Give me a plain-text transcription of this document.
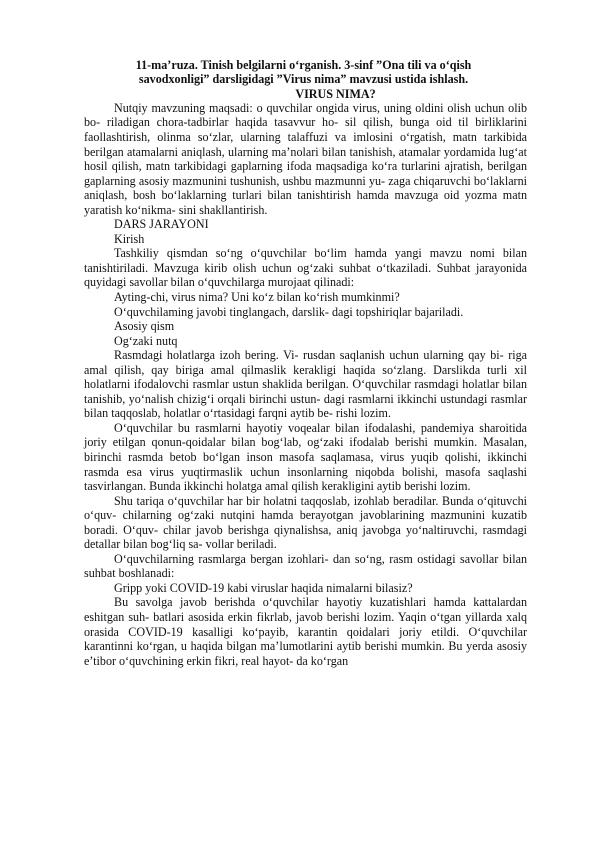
11-ma’ruza. Tinish belgilarni o‘rganish. 3-sinf ”Ona tili va o‘qish savodxonligi” darsligidagi ”Virus nima” mavzusi ustida ishlash.
VIRUS NIMA?
Nutqiy mavzuning maqsadi: o quvchilar ongida virus, uning oldini olish uchun olib bo- riladigan chora-tadbirlar haqida tasavvur ho- sil qilish, bunga oid til birliklarini faollashtirish, olinma so‘zlar, ularning talaffuzi va imlosini o‘rgatish, matn tarkibida berilgan atamalarni aniqlash, ularning ma’nolari bilan tanishish, atamalar yordamida lug‘at hosil qilish, matn tarkibidagi gaplarning ifoda maqsadiga ko‘ra turlarini ajratish, berilgan gaplarning asosiy mazmunini tushunish, ushbu mazmunni yu- zaga chiqaruvchi bo‘laklarni aniqlash, bosh bo‘laklarning turlari bilan tanishtirish hamda mavzuga oid yozma matn yaratish ko‘nikma- sini shakllantirish.
DARS JARAYONI
Kirish
Tashkiliy qismdan so‘ng o‘quvchilar bo‘lim hamda yangi mavzu nomi bilan tanishtiriladi. Mavzuga kirib olish uchun og‘zaki suhbat o‘tkaziladi. Suhbat jarayonida quyidagi savollar bilan o‘quvchilarga murojaat qilinadi:
Ayting-chi, virus nima? Uni ko‘z bilan ko‘rish mumkinmi?
O‘quvchilaming javobi tinglangach, darslik- dagi topshiriqlar bajariladi.
Asosiy qism
Og‘zaki nutq
Rasmdagi holatlarga izoh bering. Vi- rusdan saqlanish uchun ularning qay bi- riga amal qilish, qay biriga amal qilmaslik kerakligi haqida so‘zlang. Darslikda turli xil holatlarni ifodalovchi rasmlar ustun shaklida berilgan. O‘quvchilar rasmdagi holatlar bilan tanishib, yo‘nalish chizig‘i orqali birinchi ustun- dagi rasmlarni ikkinchi ustundagi rasmlar bilan taqqoslab, holatlar o‘rtasidagi farqni aytib be- rishi lozim.
O‘quvchilar bu rasmlarni hayotiy voqealar bilan ifodalashi, pandemiya sharoitida joriy etilgan qonun-qoidalar bilan bog‘lab, og‘zaki ifodalab berishi mumkin. Masalan, birinchi rasmda betob bo‘lgan inson masofa saqlamasa, virus yuqib qolishi, ikkinchi rasmda esa virus yuqtirmaslik uchun insonlarning niqobda bolishi, masofa saqlashi tasvirlangan. Bunda ikkinchi holatga amal qilish kerakligini aytib berishi lozim.
Shu tariqa o‘quvchilar har bir holatni taqqoslab, izohlab beradilar. Bunda o‘qituvchi o‘quv- chilarning og‘zaki nutqini hamda berayotgan javoblarining mazmunini kuzatib boradi. O‘quv- chilar javob berishga qiynalishsa, aniq javobga yo‘naltiruvchi, rasmdagi detallar bilan bog‘liq sa- vollar beriladi.
O‘quvchilarning rasmlarga bergan izohlari- dan so‘ng, rasm ostidagi savollar bilan suhbat boshlanadi:
Gripp yoki COVID-19 kabi viruslar haqida nimalarni bilasiz?
Bu savolga javob berishda o‘quvchilar hayotiy kuzatishlari hamda kattalardan eshitgan suh- batlari asosida erkin fikrlab, javob berishi lozim. Yaqin o‘tgan yillarda xalq orasida COVID-19 kasalligi ko‘payib, karantin qoidalari joriy etildi. O‘quvchilar karantinni ko‘rgan, u haqida bilgan ma’lumotlarini aytib berishi mumkin. Bu yerda asosiy e’tibor o‘quvchining erkin fikri, real hayot- da ko‘rgan
